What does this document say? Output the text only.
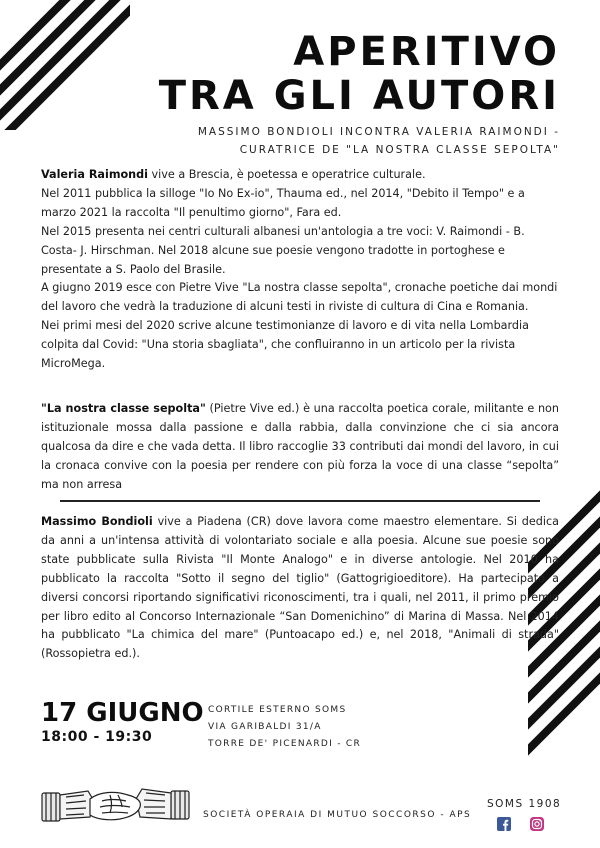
APERITIVO
TRA GLI AUTORI
MASSIMO BONDIOLI INCONTRA VALERIA RAIMONDI -
CURATRICE DE "LA NOSTRA CLASSE SEPOLTA"

Valeria Raimondi vive a Brescia, è poetessa e operatrice culturale.

Nel 2011 pubblica la silloge "Io No Ex-io", Thauma ed., nel 2014, "Debito il Tempo" e a marzo 2021 la raccolta "Il penultimo giorno", Fara ed.

Nel 2015 presenta nei centri culturali albanesi un'antologia a tre voci: V. Raimondi - B. Costa- J. Hirschman. Nel 2018 alcune sue poesie vengono tradotte in portoghese e presentate a S. Paolo del Brasile.

A giugno 2019 esce con Pietre Vive "La nostra classe sepolta", cronache poetiche dai mondi del lavoro che vedrà la traduzione di alcuni testi in riviste di cultura di Cina e Romania.

Nei primi mesi del 2020 scrive alcune testimonianze di lavoro e di vita nella Lombardia colpita dal Covid: "Una storia sbagliata", che confluiranno in un articolo per la rivista MicroMega.

"La nostra classe sepolta" (Pietre Vive ed.) è una raccolta poetica corale, militante e non istituzionale mossa dalla passione e dalla rabbia, dalla convinzione che ci sia ancora qualcosa da dire e che vada detta. Il libro raccoglie 33 contributi dai mondi del lavoro, in cui la cronaca convive con la poesia per rendere con più forza la voce di una classe “sepolta” ma non arresa

Massimo Bondioli vive a Piadena (CR) dove lavora come maestro elementare. Si dedica da anni a un'intensa attività di volontariato sociale e alla poesia. Alcune sue poesie sono state pubblicate sulla Rivista "Il Monte Analogo" e in diverse antologie. Nel 2010 ha pubblicato la raccolta "Sotto il segno del tiglio" (Gattogrigioeditore). Ha partecipato a diversi concorsi riportando significativi riconoscimenti, tra i quali, nel 2011, il primo premio per libro edito al Concorso Internazionale “San Domenichino” di Marina di Massa. Nel 2014 ha pubblicato "La chimica del mare" (Puntoacapo ed.) e, nel 2018, "Animali di strada" (Rossopietra ed.).

17 GIUGNO
18:00 - 19:30
CORTILE ESTERNO SOMS
VIA GARIBALDI 31/A
TORRE DE' PICENARDI - CR
SOCIETÀ OPERAIA DI MUTUO SOCCORSO - APS
SOMS 1908
